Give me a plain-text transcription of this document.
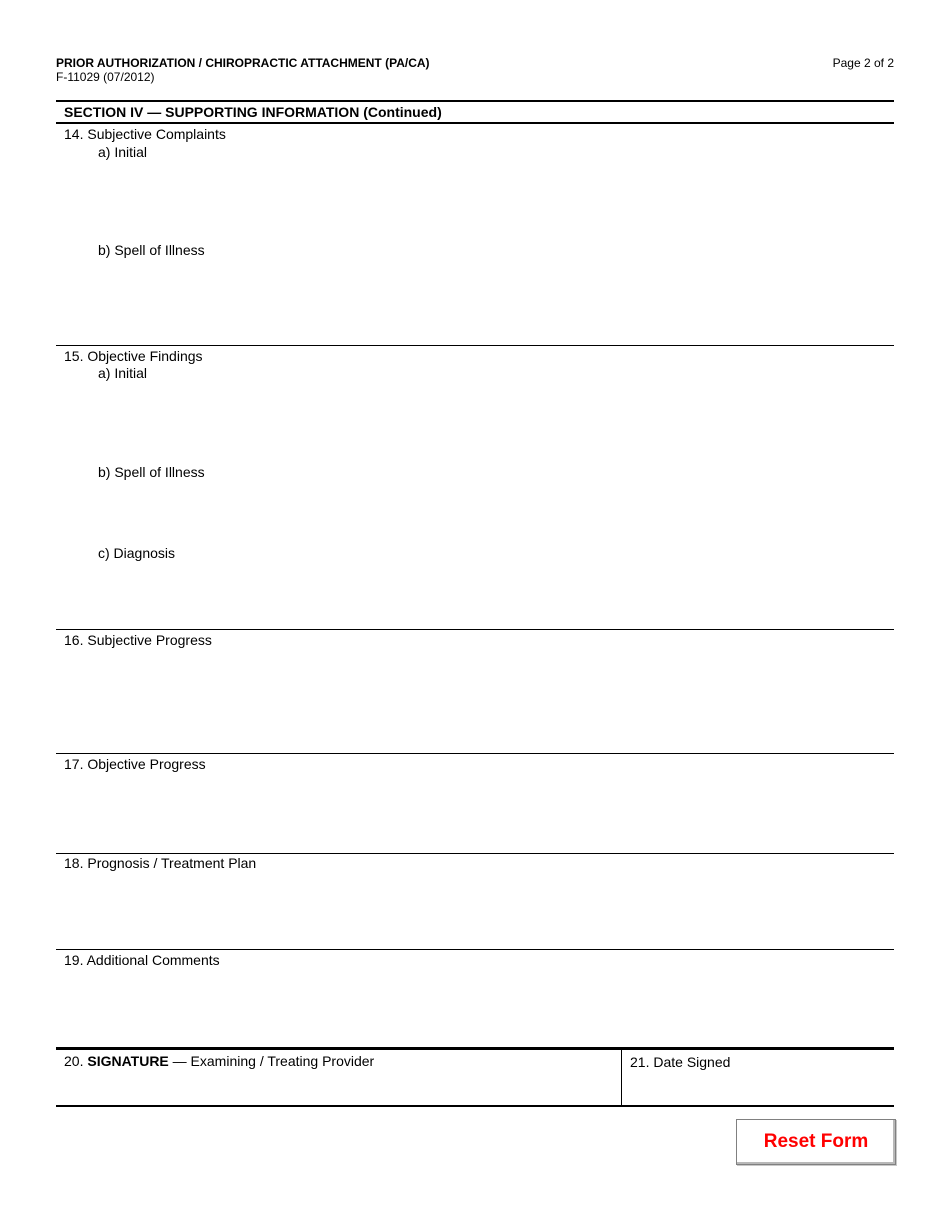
PRIOR AUTHORIZATION / CHIROPRACTIC ATTACHMENT (PA/CA)
F-11029 (07/2012)
Page 2 of 2
SECTION IV — SUPPORTING INFORMATION (Continued)
14. Subjective Complaints
a) Initial
b) Spell of Illness
15. Objective Findings
a) Initial
b) Spell of Illness
c) Diagnosis
16. Subjective Progress
17. Objective Progress
18. Prognosis / Treatment Plan
19. Additional Comments
20. SIGNATURE — Examining / Treating Provider	21. Date Signed
Reset Form
